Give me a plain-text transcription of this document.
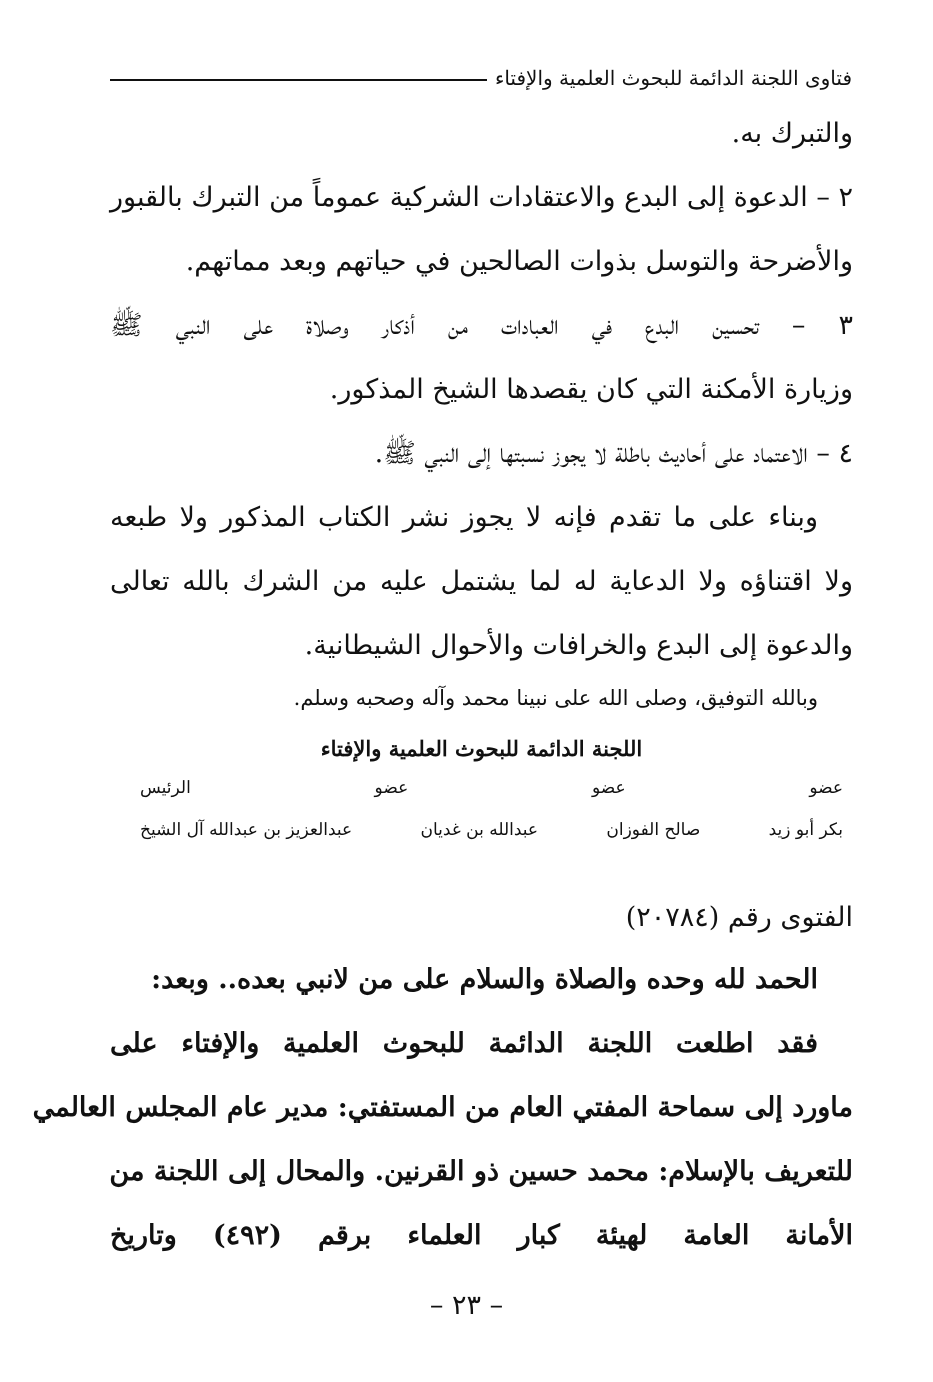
فتاوى اللجنة الدائمة للبحوث العلمية والإفتاء
والتبرك به.
٢ – الدعوة إلى البدع والاعتقادات الشركية عموماً من التبرك بالقبور
والأضرحة والتوسل بذوات الصالحين في حياتهم وبعد مماتهم.
٣ – تحسين البدع في العبادات من أذكار وصلاة على النبي ﷺ
وزيارة الأمكنة التي كان يقصدها الشيخ المذكور.
٤ – الاعتماد على أحاديث باطلة لا يجوز نسبتها إلى النبي ﷺ.
وبناء على ما تقدم فإنه لا يجوز نشر الكتاب المذكور ولا طبعه
ولا اقتناؤه ولا الدعاية له لما يشتمل عليه من الشرك بالله تعالى
والدعوة إلى البدع والخرافات والأحوال الشيطانية.
وبالله التوفيق، وصلى الله على نبينا محمد وآله وصحبه وسلم.
اللجنة الدائمة للبحوث العلمية والإفتاء
عضو
عضو
عضو
الرئيس
بكر أبو زيد
صالح الفوزان
عبدالله بن غديان
عبدالعزيز بن عبدالله آل الشيخ
الفتوى رقم (٢٠٧٨٤)
الحمد لله وحده والصلاة والسلام على من لانبي بعده.. وبعد:
فقد اطلعت اللجنة الدائمة للبحوث العلمية والإفتاء على
ماورد إلى سماحة المفتي العام من المستفتي: مدير عام المجلس العالمي
للتعريف بالإسلام: محمد حسين ذو القرنين. والمحال إلى اللجنة من
الأمانة العامة لهيئة كبار العلماء برقم (٤٩٢) وتاريخ
– ٢٣ –
